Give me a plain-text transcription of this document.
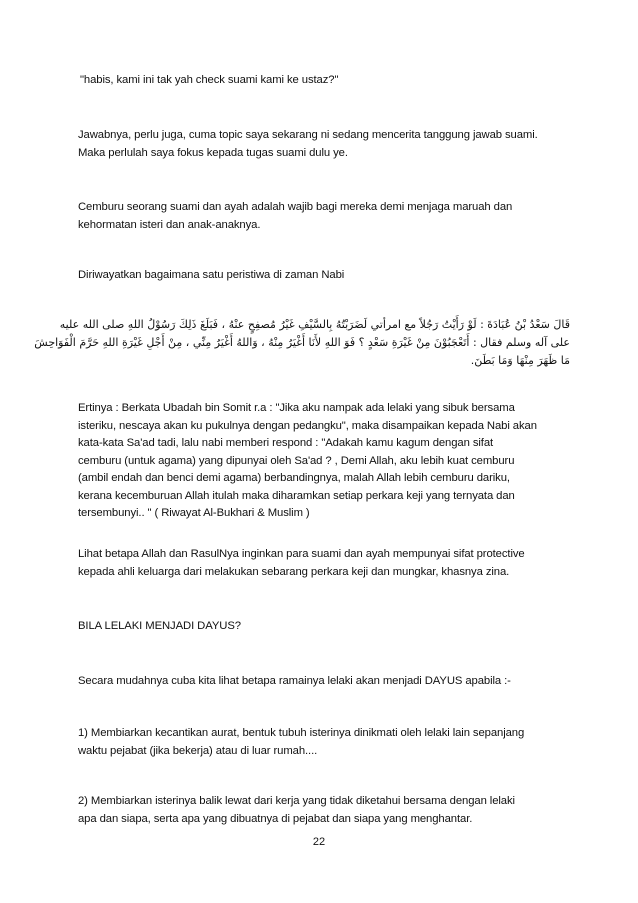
"habis, kami ini tak yah check suami kami ke ustaz?"
Jawabnya, perlu juga, cuma topic saya sekarang ni sedang mencerita tanggung jawab suami.
Maka perlulah saya fokus kepada tugas suami dulu ye.
Cemburu seorang suami dan ayah adalah wajib bagi mereka demi menjaga maruah dan
kehormatan isteri dan anak-anaknya.
Diriwayatkan bagaimana satu peristiwa di zaman Nabi
قَالَ سَعْدُ بْنُ عُبَادَةَ : لَوْ رَأَيْتُ رَجُلاً مع امرأتي لَضَرَبْتُهُ بِالسَّيْفِ غَيْرُ مُصفِحٍ عنْهُ ، فَبَلَغَ ذَلِكَ رَسُوْلُ اللهِ صلى الله عليه
على آله وسلم فقال : أَتَعْجَبُوْنَ مِنْ غَيْرَةِ سَعْدٍ ؟ فَوَ اللهِ لأَنَا أَغْيَرُ مِنْهُ ، وَاللهُ أَغْيَرُ مِنِّي ، مِنْ أَجْلِ غَيْرَةِ اللهِ حَرَّمَ الْفَوَاحِشَ
مَا ظَهَرَ مِنْهَا وَمَا بَطَنَ.
Ertinya : Berkata Ubadah bin Somit r.a : "Jika aku nampak ada lelaki yang sibuk bersama
isteriku, nescaya akan ku pukulnya dengan pedangku", maka disampaikan kepada Nabi akan
kata-kata Sa'ad tadi, lalu nabi memberi respond : "Adakah kamu kagum dengan sifat
cemburu (untuk agama) yang dipunyai oleh Sa'ad ? , Demi Allah, aku lebih kuat cemburu
(ambil endah dan benci demi agama) berbandingnya, malah Allah lebih cemburu dariku,
kerana kecemburuan Allah itulah maka diharamkan setiap perkara keji yang ternyata dan
tersembunyi.. " ( Riwayat Al-Bukhari & Muslim )
Lihat betapa Allah dan RasulNya inginkan para suami dan ayah mempunyai sifat protective
kepada ahli keluarga dari melakukan sebarang perkara keji dan mungkar, khasnya zina.
BILA LELAKI MENJADI DAYUS?
Secara mudahnya cuba kita lihat betapa ramainya lelaki akan menjadi DAYUS apabila :-
1) Membiarkan kecantikan aurat, bentuk tubuh isterinya dinikmati oleh lelaki lain sepanjang
waktu pejabat (jika bekerja) atau di luar rumah....
2) Membiarkan isterinya balik lewat dari kerja yang tidak diketahui bersama dengan lelaki
apa dan siapa, serta apa yang dibuatnya di pejabat dan siapa yang menghantar.
22
